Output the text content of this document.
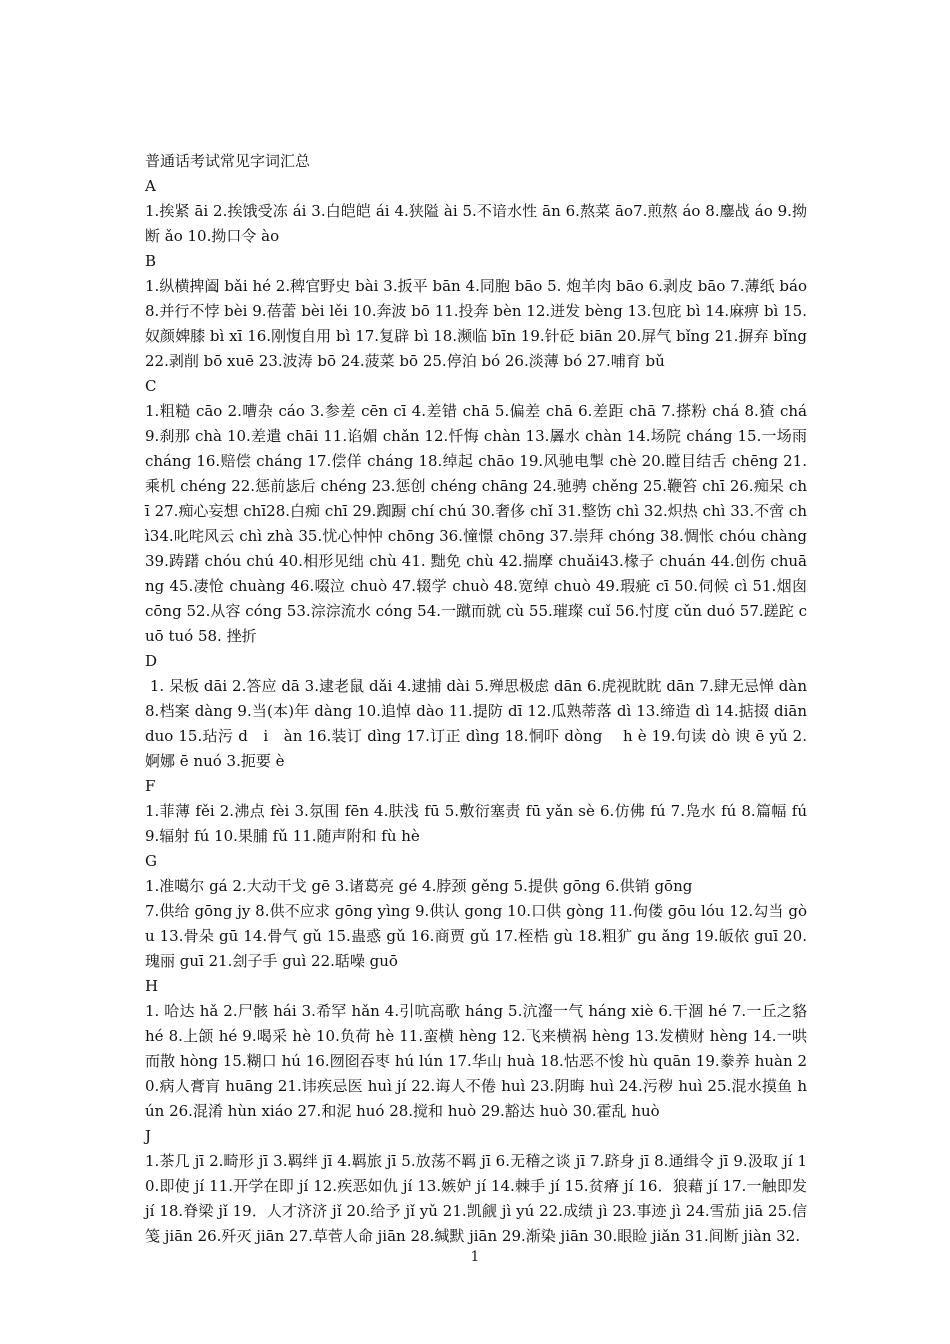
普通话考试常见字词汇总

A

1.挨紧 āi 2.挨饿受冻 ái 3.白皑皑 ái 4.狭隘 ài 5.不谙水性 ān 6.熬菜 āo7.煎熬 áo 8.鏖战 áo 9.拗断 ǎo 10.拗口令 ào

B

1.纵横捭阖 bǎi hé 2.稗官野史 bài 3.扳平 bān 4.同胞 bāo 5. 炮羊肉 bāo 6.剥皮 bāo 7.薄纸 báo 8.并行不悖 bèi 9.蓓蕾 bèi lěi 10.奔波 bō 11.投奔 bèn 12.迸发 bèng 13.包庇 bì 14.麻痹 bì 15.奴颜婢膝 bì xī 16.刚愎自用 bì 17.复辟 bì 18.濒临 bīn 19.针砭 biān 20.屏气 bǐng 21.摒弃 bǐng22.剥削 bō xuē 23.波涛 bō 24.菠菜 bō 25.停泊 bó 26.淡薄 bó 27.哺育 bǔ

C

1.粗糙 cāo 2.嘈杂 cáo 3.参差 cēn cī 4.差错 chā 5.偏差 chā 6.差距 chā 7.搽粉 chá 8.猹 chá 9.刹那 chà 10.差遣 chāi 11.谄媚 chǎn 12.忏悔 chàn 13.羼水 chàn 14.场院 cháng 15.一场雨 cháng 16.赔偿 cháng 17.偿佯 cháng 18.绰起 chāo 19.风驰电掣 chè 20.瞠目结舌 chēng 21.乘机 chéng 22.惩前毖后 chéng 23.惩创 chéng chāng 24.驰骋 chěng 25.鞭笞 chī 26.痴呆 chī 27.痴心妄想 chī28.白痴 chī 29.踟蹰 chí chú 30.奢侈 chǐ 31.整饬 chì 32.炽热 chì 33.不啻 chì34.叱咤风云 chì zhà 35.忧心忡忡 chōng 36.憧憬 chōng 37.崇拜 chóng 38.惆怅 chóu chàng 39.踌躇 chóu chú 40.相形见绌 chù 41. 黜免 chù 42.揣摩 chuǎi43.椽子 chuán 44.创伤 chuāng 45.凄怆 chuàng 46.啜泣 chuò 47.辍学 chuò 48.宽绰 chuò 49.瑕疵 cī 50.伺候 cì 51.烟囱 cōng 52.从容 cóng 53.淙淙流水 cóng 54.一蹴而就 cù 55.璀璨 cuǐ 56.忖度 cǔn duó 57.蹉跎 cuō tuó 58. 挫折

D

1. 呆板 dāi 2.答应 dā 3.逮老鼠 dǎi 4.逮捕 dài 5.殚思极虑 dān 6.虎视眈眈 dān 7.肆无忌惮 dàn 8.档案 dàng 9.当(本)年 dàng 10.追悼 dào 11.提防 dī 12.瓜熟蒂落 dì 13.缔造 dì 14.掂掇 diān duo 15.玷污 d　i　àn 16.装订 dìng 17.订正 dìng 18.恫吓 dòng　 h è 19.句读 dò 谀 ē yǔ 2.婀娜 ē nuó 3.扼要 è

F

1.菲薄 fěi 2.沸点 fèi 3.氛围 fēn 4.肤浅 fū 5.敷衍塞责 fū yǎn sè 6.仿佛 fú 7.凫水 fú 8.篇幅 fú 9.辐射 fú 10.果脯 fǔ 11.随声附和 fù hè

G

1.准噶尔 gá 2.大动干戈 gē 3.诸葛亮 gé 4.脖颈 gěng 5.提供 gōng 6.供销 gōng

7.供给 gōng jy 8.供不应求 gōng yìng 9.供认 gong 10.口供 gòng 11.佝偻 gōu lóu 12.勾当 gòu 13.骨朵 gū 14.骨气 gǔ 15.蛊惑 gǔ 16.商贾 gǔ 17.桎梏 gù 18.粗犷 gu ǎng 19.皈依 guī 20.瑰丽 guī 21.刽子手 guì 22.聒噪 guō

H

1. 哈达 hǎ 2.尸骸 hái 3.希罕 hǎn 4.引吭高歌 háng 5.沆瀣一气 háng xiè 6.干涸 hé 7.一丘之貉 hé 8.上颌 hé 9.喝采 hè 10.负荷 hè 11.蛮横 hèng 12.飞来横祸 hèng 13.发横财 hèng 14.一哄而散 hòng 15.糊口 hú 16.囫囵吞枣 hú lún 17.华山 huà 18.怙恶不悛 hù quān 19.豢养 huàn 20.病人膏肓 huāng 21.讳疾忌医 huì jí 22.诲人不倦 huì 23.阴晦 huì 24.污秽 huì 25.混水摸鱼 hún 26.混淆 hùn xiáo 27.和泥 huó 28.搅和 huò 29.豁达 huò 30.霍乱 huò

J

1.茶几 jī 2.畸形 jī 3.羁绊 jī 4.羁旅 jī 5.放荡不羁 jī 6.无稽之谈 jī 7.跻身 jī 8.通缉令 jī 9.汲取 jí 10.即使 jí 11.开学在即 jí 12.疾恶如仇 jí 13.嫉妒 jí 14.棘手 jí 15.贫瘠 jí 16．狼藉 jí 17.一触即发 jí 18.脊梁 jǐ 19．人才济济 jǐ 20.给予 jǐ yǔ 21.凯觎 jì yú 22.成绩 jì 23.事迹 jì 24.雪茄 jiā 25.信笺 jiān 26.歼灭 jiān 27.草菅人命 jiān 28.缄默 jiān 29.渐染 jiān 30.眼睑 jiǎn 31.间断 jiàn 32.

1
